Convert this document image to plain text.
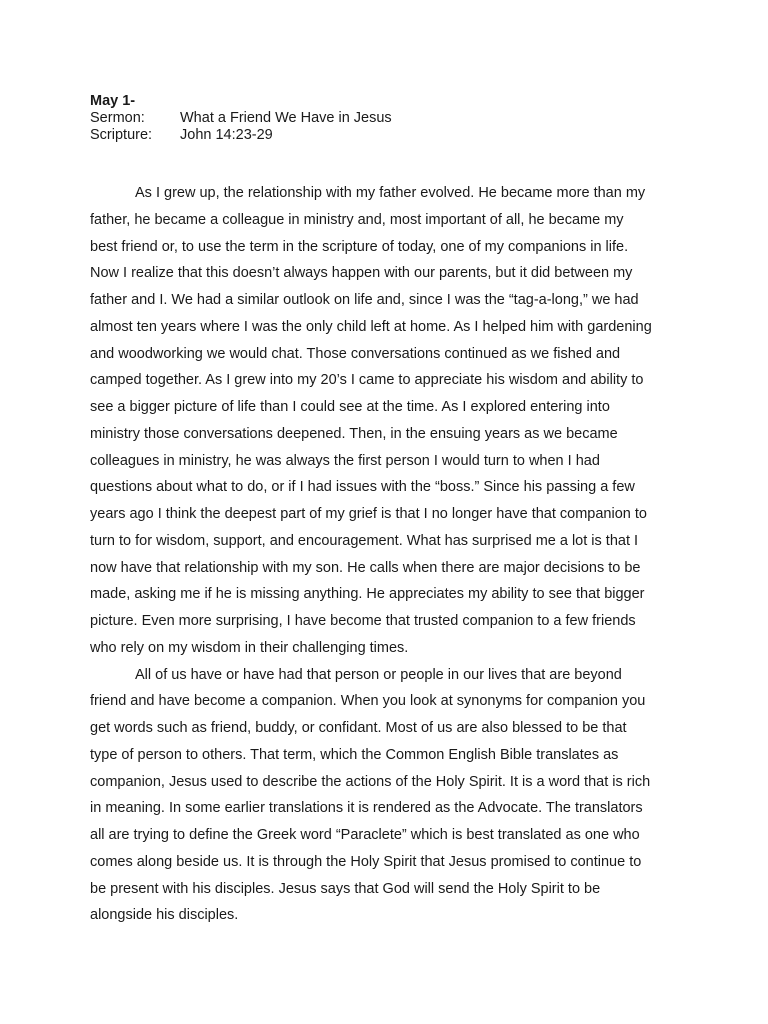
May 1-
Sermon:	What a Friend We Have in Jesus
Scripture:	John 14:23-29
As I grew up, the relationship with my father evolved. He became more than my
father, he became a colleague in ministry and, most important of all, he became my
best friend or, to use the term in the scripture of today, one of my companions in life.
Now I realize that this doesn’t always happen with our parents, but it did between my
father and I. We had a similar outlook on life and, since I was the “tag-a-long,” we had
almost ten years where I was the only child left at home. As I helped him with gardening
and woodworking we would chat. Those conversations continued as we fished and
camped together. As I grew into my 20’s I came to appreciate his wisdom and ability to
see a bigger picture of life than I could see at the time. As I explored entering into
ministry those conversations deepened. Then, in the ensuing years as we became
colleagues in ministry, he was always the first person I would turn to when I had
questions about what to do, or if I had issues with the “boss.” Since his passing a few
years ago I think the deepest part of my grief is that I no longer have that companion to
turn to for wisdom, support, and encouragement. What has surprised me a lot is that I
now have that relationship with my son. He calls when there are major decisions to be
made, asking me if he is missing anything. He appreciates my ability to see that bigger
picture. Even more surprising, I have become that trusted companion to a few friends
who rely on my wisdom in their challenging times.
All of us have or have had that person or people in our lives that are beyond
friend and have become a companion. When you look at synonyms for companion you
get words such as friend, buddy, or confidant. Most of us are also blessed to be that
type of person to others. That term, which the Common English Bible translates as
companion, Jesus used to describe the actions of the Holy Spirit. It is a word that is rich
in meaning. In some earlier translations it is rendered as the Advocate. The translators
all are trying to define the Greek word “Paraclete” which is best translated as one who
comes along beside us. It is through the Holy Spirit that Jesus promised to continue to
be present with his disciples. Jesus says that God will send the Holy Spirit to be
alongside his disciples.
